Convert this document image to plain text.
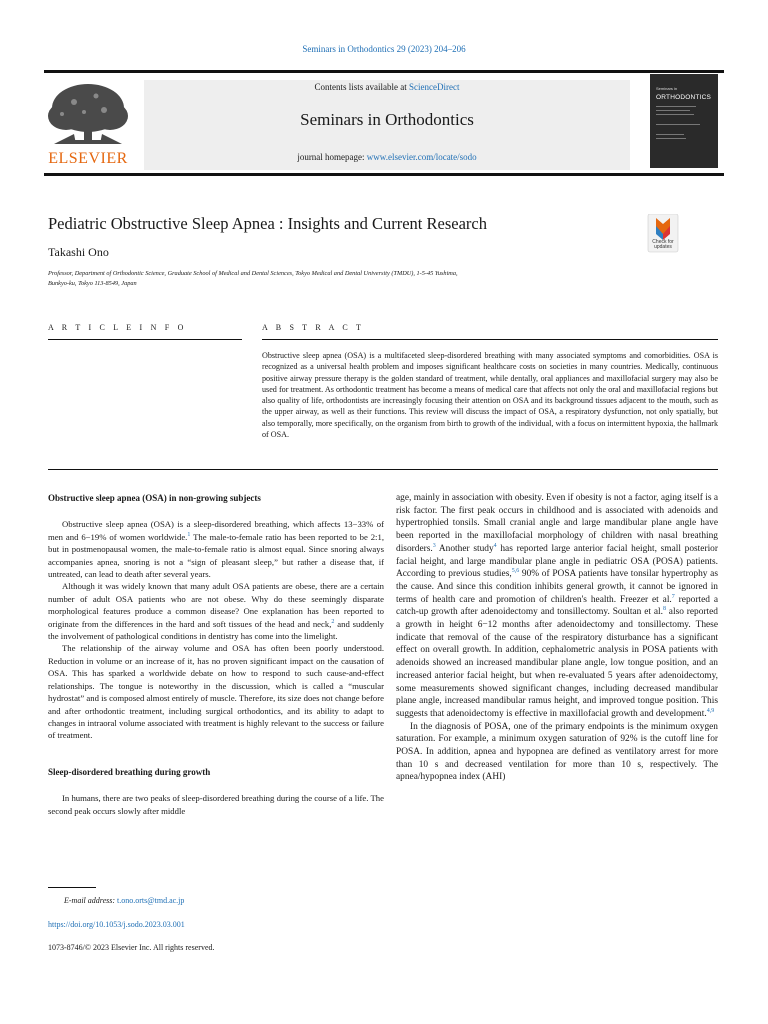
Seminars in Orthodontics 29 (2023) 204–206
ELSEVIER
Contents lists available at ScienceDirect
Seminars in Orthodontics
journal homepage: www.elsevier.com/locate/sodo
Seminars in
ORTHODONTICS
Pediatric Obstructive Sleep Apnea : Insights and Current Research
Check for
updates
Takashi Ono
Professor, Department of Orthodontic Science, Graduate School of Medical and Dental Sciences, Tokyo Medical and Dental University (TMDU), 1-5-45 Yushima,
Bunkyo-ku, Tokyo 113-8549, Japan
A R T I C L E I N F O	A B S T R A C T
Obstructive sleep apnea (OSA) is a multifaceted sleep-disordered breathing with many associated symptoms and comorbidities. OSA is recognized as a universal health problem and imposes significant healthcare costs on societies in many countries. Medically, continuous positive airway pressure therapy is the golden standard of treatment, while dentally, oral appliances and maxillofacial surgery may also be used for treatment. As orthodontic treatment has become a means of medical care that affects not only the oral and maxillofacial regions but also quality of life, orthodontists are increasingly focusing their attention on OSA and its background tissues adjacent to the mouth, such as the upper airway, as well as their functions. This review will discuss the impact of OSA, a respiratory dysfunction, not only spatially, but also temporally, more specifically, on the organism from birth to growth of the individual, with a focus on intermittent hypoxia, the hallmark of OSA.
Obstructive sleep apnea (OSA) in non-growing subjects

Obstructive sleep apnea (OSA) is a sleep-disordered breathing, which affects 13−33% of men and 6−19% of women worldwide.$^1$ The male-to-female ratio has been reported to be 2:1, but in postmenopausal women, the male-to-female ratio is almost equal. Since snoring always accompanies apnea, snoring is not a “sign of pleasant sleep,” but rather a disease that, if untreated, can lead to death after several years.

Although it was widely known that many adult OSA patients are obese, there are a certain number of adult OSA patients who are not obese. Why do these seemingly disparate morphological features produce a common disease? One explanation has been reported to originate from the differences in the hard and soft tissues of the head and neck,$^2$ and suddenly the involvement of pathological conditions in dentistry has come into the limelight.

The relationship of the airway volume and OSA has often been poorly understood. Reduction in volume or an increase of it, has no proven significant impact on the causation of OSA. This has sparked a worldwide debate on how to respond to such cause-and-effect relationships. The tongue is noteworthy in the discussion, which is called a “muscular hydrostat” and is composed almost entirely of muscle. Therefore, its size does not change before and after orthodontic treatment, including surgical orthodontics, and its ability to adapt to changes in intraoral volume associated with treatment is highly relevant to the success or failure of treatment.

Sleep-disordered breathing during growth

In humans, there are two peaks of sleep-disordered breathing during the course of a life. The second peak occurs slowly after middle

age, mainly in association with obesity. Even if obesity is not a factor, aging itself is a risk factor. The first peak occurs in childhood and is associated with adenoids and hypertrophied tonsils. Small cranial angle and large mandibular plane angle have been reported in the maxillofacial morphology of children with nasal breathing disorders.$^3$ Another study$^4$ has reported large anterior facial height, small posterior facial height, and large mandibular plane angle in pediatric OSA (POSA) patients. According to previous studies,$^{5,6}$ 90% of POSA patients have tonsilar hypertrophy as the cause. And since this condition inhibits general growth, it cannot be ignored in terms of health care and promotion of children's health. Freezer et al.$^7$ reported a catch-up growth after adenoidectomy and tonsillectomy. Soultan et al.$^8$ also reported a growth in height 6−12 months after adenoidectomy and tonsillectomy. These indicate that removal of the cause of the respiratory disturbance has a significant effect on overall growth. In addition, cephalometric analysis in POSA patients with adenoids showed an increased mandibular plane angle, low tongue position, and an increased anterior facial height, but when re-evaluated 5 years after adenoidectomy, some measurements showed significant changes, including decreased mandibular plane angle, increased mandibular ramus height, and improved tongue position. This suggests that adenoidectomy is effective in maxillofacial growth and development.$^{4,9}$

In the diagnosis of POSA, one of the primary endpoints is the minimum oxygen saturation. For example, a minimum oxygen saturation of 92% is the cutoff line for POSA. In addition, apnea and hypopnea are defined as ventilatory arrest for more than 10 s and decreased ventilation for more than 10 s, respectively. The apnea/hypopnea index (AHI)

E-mail address: t.ono.orts@tmd.ac.jp
https://doi.org/10.1053/j.sodo.2023.03.001
1073-8746/© 2023 Elsevier Inc. All rights reserved.
